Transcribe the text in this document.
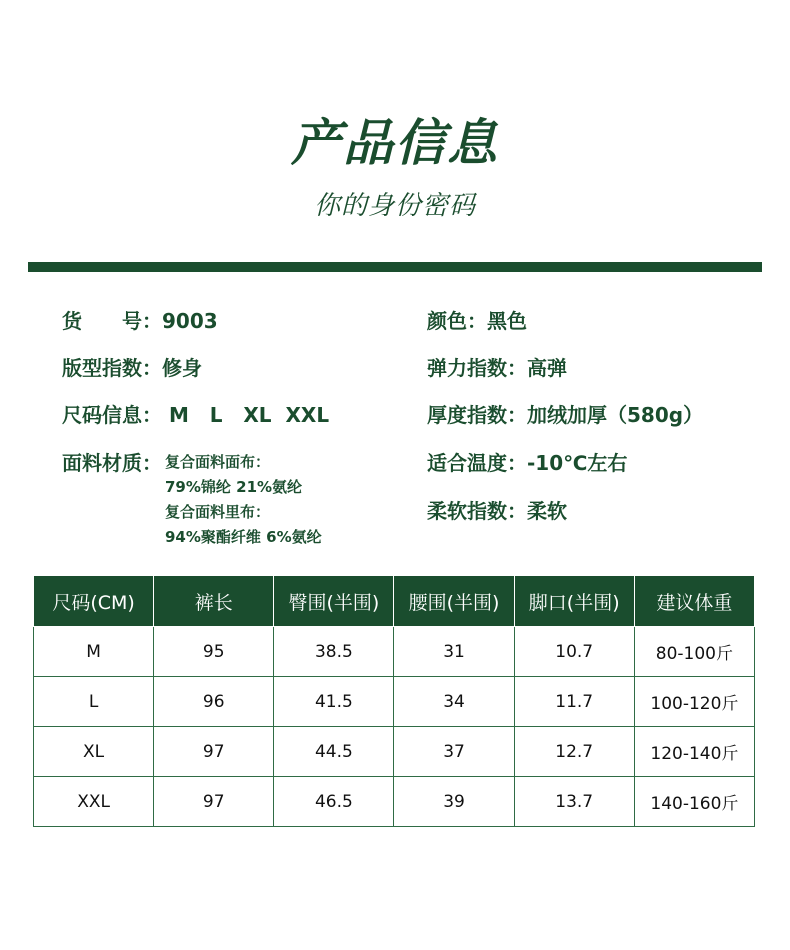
产品信息
你的身份密码
货　　号：9003
版型指数：修身
尺码信息： M   L   XL  XXL
面料材质： 复合面料面布：
79%锦纶 21%氨纶
复合面料里布：
94%聚酯纤维 6%氨纶
颜色：黑色
弹力指数：高弹
厚度指数：加绒加厚（580g）
适合温度：-10℃左右
柔软指数：柔软
尺码(CM)	裤长	臀围(半围)	腰围(半围)	脚口(半围)	建议体重
M	95	38.5	31	10.7	80-100斤
L	96	41.5	34	11.7	100-120斤
XL	97	44.5	37	12.7	120-140斤
XXL	97	46.5	39	13.7	140-160斤
